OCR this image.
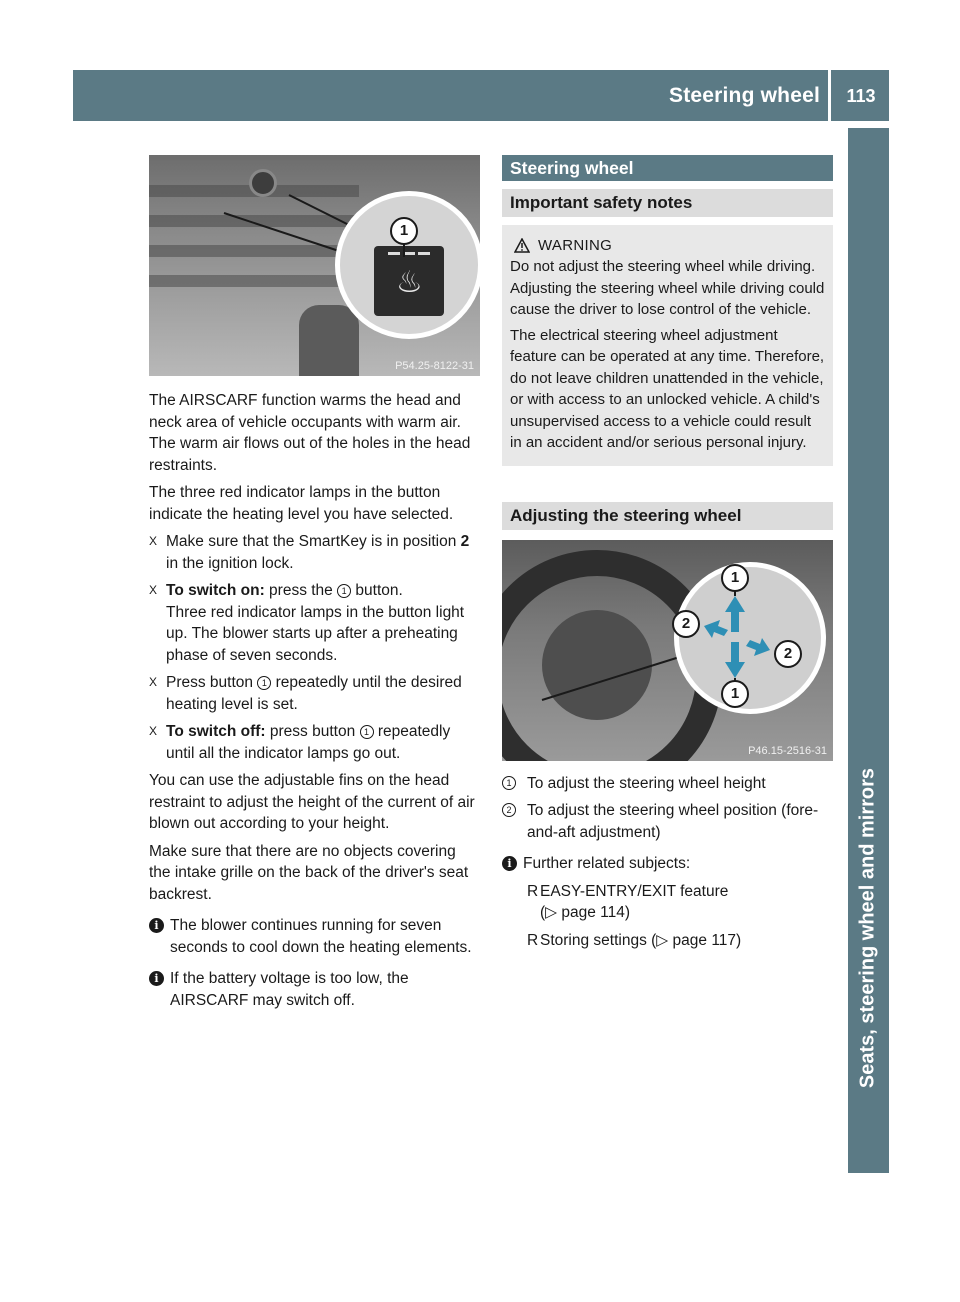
Steering wheel	113
Seats, steering wheel and mirrors
♨
1
P54.25-8122-31

The AIRSCARF function warms the head and neck area of vehicle occupants with warm air. The warm air flows out of the holes in the head restraints.

The three red indicator lamps in the button indicate the heating level you have selected.

X Make sure that the SmartKey is in position 2 in the ignition lock.

X To switch on: press the 1 button.
Three red indicator lamps in the button light up. The blower starts up after a preheating phase of seven seconds.

X Press button 1 repeatedly until the desired heating level is set.

X To switch off: press button 1 repeatedly until all the indicator lamps go out.

You can use the adjustable fins on the head restraint to adjust the height of the current of air blown out according to your height.

Make sure that there are no objects covering the intake grille on the back of the driver's seat backrest.

i The blower continues running for seven seconds to cool down the heating elements.

i If the battery voltage is too low, the AIRSCARF may switch off.

Steering wheel
Important safety notes
WARNING

Do not adjust the steering wheel while driving. Adjusting the steering wheel while driving could cause the driver to lose control of the vehicle.

The electrical steering wheel adjustment feature can be operated at any time. Therefore, do not leave children unattended in the vehicle, or with access to an unlocked vehicle. A child's unsupervised access to a vehicle could result in an accident and/or serious personal injury.

Adjusting the steering wheel
1
2
2
1
P46.15-2516-31

1 To adjust the steering wheel height

2 To adjust the steering wheel position (fore-and-aft adjustment)

i Further related subjects:

R EASY-ENTRY/EXIT feature
(▷ page 114)

R Storing settings (▷ page 117)
